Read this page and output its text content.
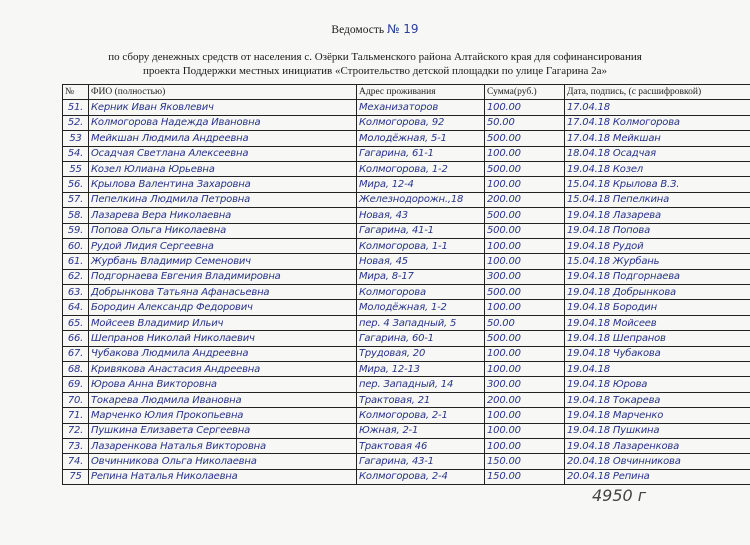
Ведомость № 19
по сбору денежных средств от населения с. Озёрки Тальменского района Алтайского края для софинансирования
проекта Поддержки местных инициатив «Строительство детской площадки по улице Гагарина 2а»
№	ФИО (полностью)	Адрес проживания	Сумма(руб.)	Дата, подпись, (с расшифровкой)
51.	Керник Иван Яковлевич	Механизаторов	100.00	17.04.18
52.	Колмогорова Надежда Ивановна	Колмогорова, 92	50.00	17.04.18 Колмогорова
53	Мейкшан Людмила Андреевна	Молодёжная, 5-1	500.00	17.04.18 Мейкшан
54.	Осадчая Светлана Алексеевна	Гагарина, 61-1	100.00	18.04.18 Осадчая
55	Козел Юлиана Юрьевна	Колмогорова, 1-2	500.00	19.04.18 Козел
56.	Крылова Валентина Захаровна	Мира, 12-4	100.00	15.04.18 Крылова В.З.
57.	Пепелкина Людмила Петровна	Железнодорожн.,18	200.00	15.04.18 Пепелкина
58.	Лазарева Вера Николаевна	Новая, 43	500.00	19.04.18 Лазарева
59.	Попова Ольга Николаевна	Гагарина, 41-1	500.00	19.04.18 Попова
60.	Рудой Лидия Сергеевна	Колмогорова, 1-1	100.00	19.04.18 Рудой
61.	Журбань Владимир Семенович	Новая, 45	100.00	15.04.18 Журбань
62.	Подгорнаева Евгения Владимировна	Мира, 8-17	300.00	19.04.18 Подгорнаева
63.	Добрынкова Татьяна Афанасьевна	Колмогорова	500.00	19.04.18 Добрынкова
64.	Бородин Александр Федорович	Молодёжная, 1-2	100.00	19.04.18 Бородин
65.	Мойсеев Владимир Ильич	пер. 4 Западный, 5	50.00	19.04.18 Мойсеев
66.	Шепранов Николай Николаевич	Гагарина, 60-1	500.00	19.04.18 Шепранов
67.	Чубакова Людмила Андреевна	Трудовая, 20	100.00	19.04.18 Чубакова
68.	Кривякова Анастасия Андреевна	Мира, 12-13	100.00	19.04.18
69.	Юрова Анна Викторовна	пер. Западный, 14	300.00	19.04.18 Юрова
70.	Токарева Людмила Ивановна	Трактовая, 21	200.00	19.04.18 Токарева
71.	Марченко Юлия Прокопьевна	Колмогорова, 2-1	100.00	19.04.18 Марченко
72.	Пушкина Елизавета Сергеевна	Южная, 2-1	100.00	19.04.18 Пушкина
73.	Лазаренкова Наталья Викторовна	Трактовая 46	100.00	19.04.18 Лазаренкова
74.	Овчинникова Ольга Николаевна	Гагарина, 43-1	150.00	20.04.18 Овчинникова
75	Репина Наталья Николаевна	Колмогорова, 2-4	150.00	20.04.18 Репина
4950 г
